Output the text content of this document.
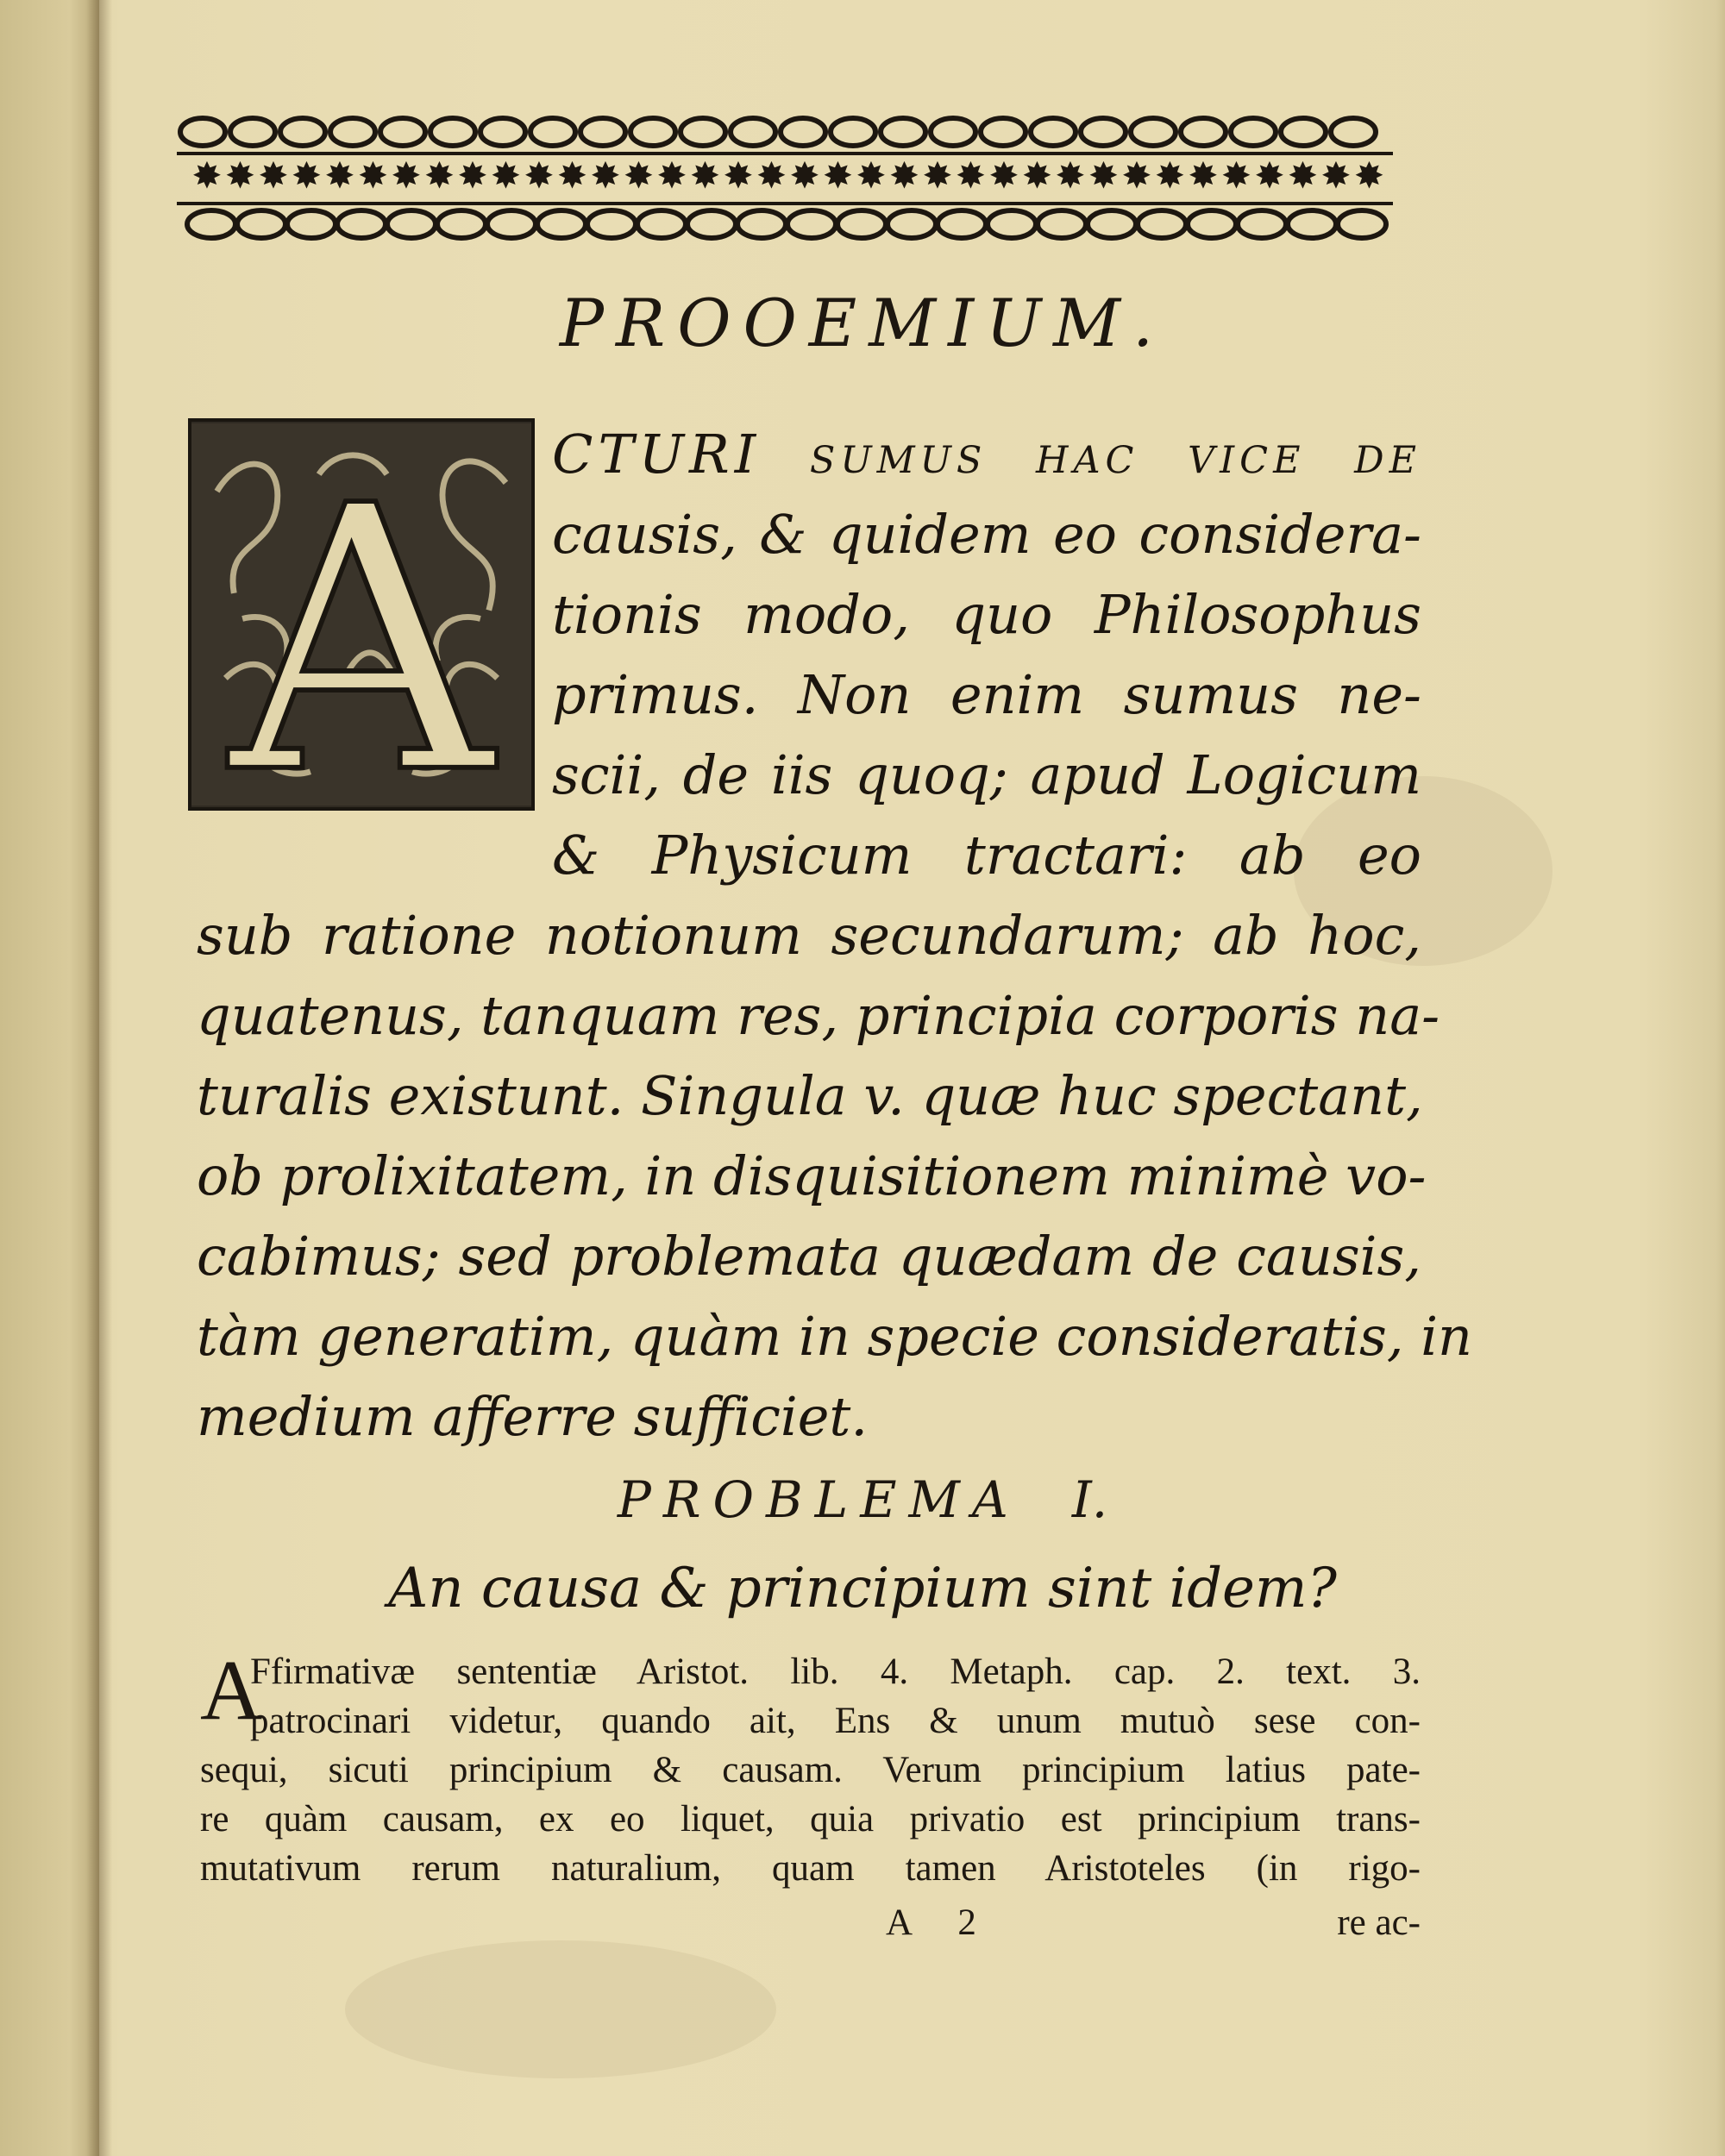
✸ ✸ ✸ ✸ ✸ ✸ ✸ ✸ ✸ ✸ ✸ ✸ ✸ ✸ ✸ ✸ ✸ ✸ ✸ ✸ ✸ ✸ ✸ ✸ ✸ ✸ ✸ ✸ ✸ ✸ ✸ ✸ ✸ ✸ ✸ ✸
PROOEMIUM.
A	CTURI sumus hac vice de
causis, & quidem eo considera-
tionis modo, quo Philosophus
primus. Non enim sumus ne-
scii, de iis quoq; apud Logicum
& Physicum tractari: ab eo
sub ratione notionum secundarum; ab hoc,
quatenus, tanquam res, principia corporis na-
turalis existunt. Singula v. quæ huc spectant,
ob prolixitatem, in disquisitionem minimè vo-
cabimus; sed problemata quædam de causis,
tàm generatim, quàm in specie consideratis, in
medium afferre sufficiet.
PROBLEMA I.
An causa & principium sint idem?
A
Ffirmativæ sententiæ Aristot. lib. 4. Metaph. cap. 2. text. 3.
patrocinari videtur, quando ait, Ens & unum mutuò sese con-
sequi, sicuti principium & causam. Verum principium latius pate-
re quàm causam, ex eo liquet, quia privatio est principium trans-
mutativum rerum naturalium, quam tamen Aristoteles (in rigo-
A 2	re ac-
